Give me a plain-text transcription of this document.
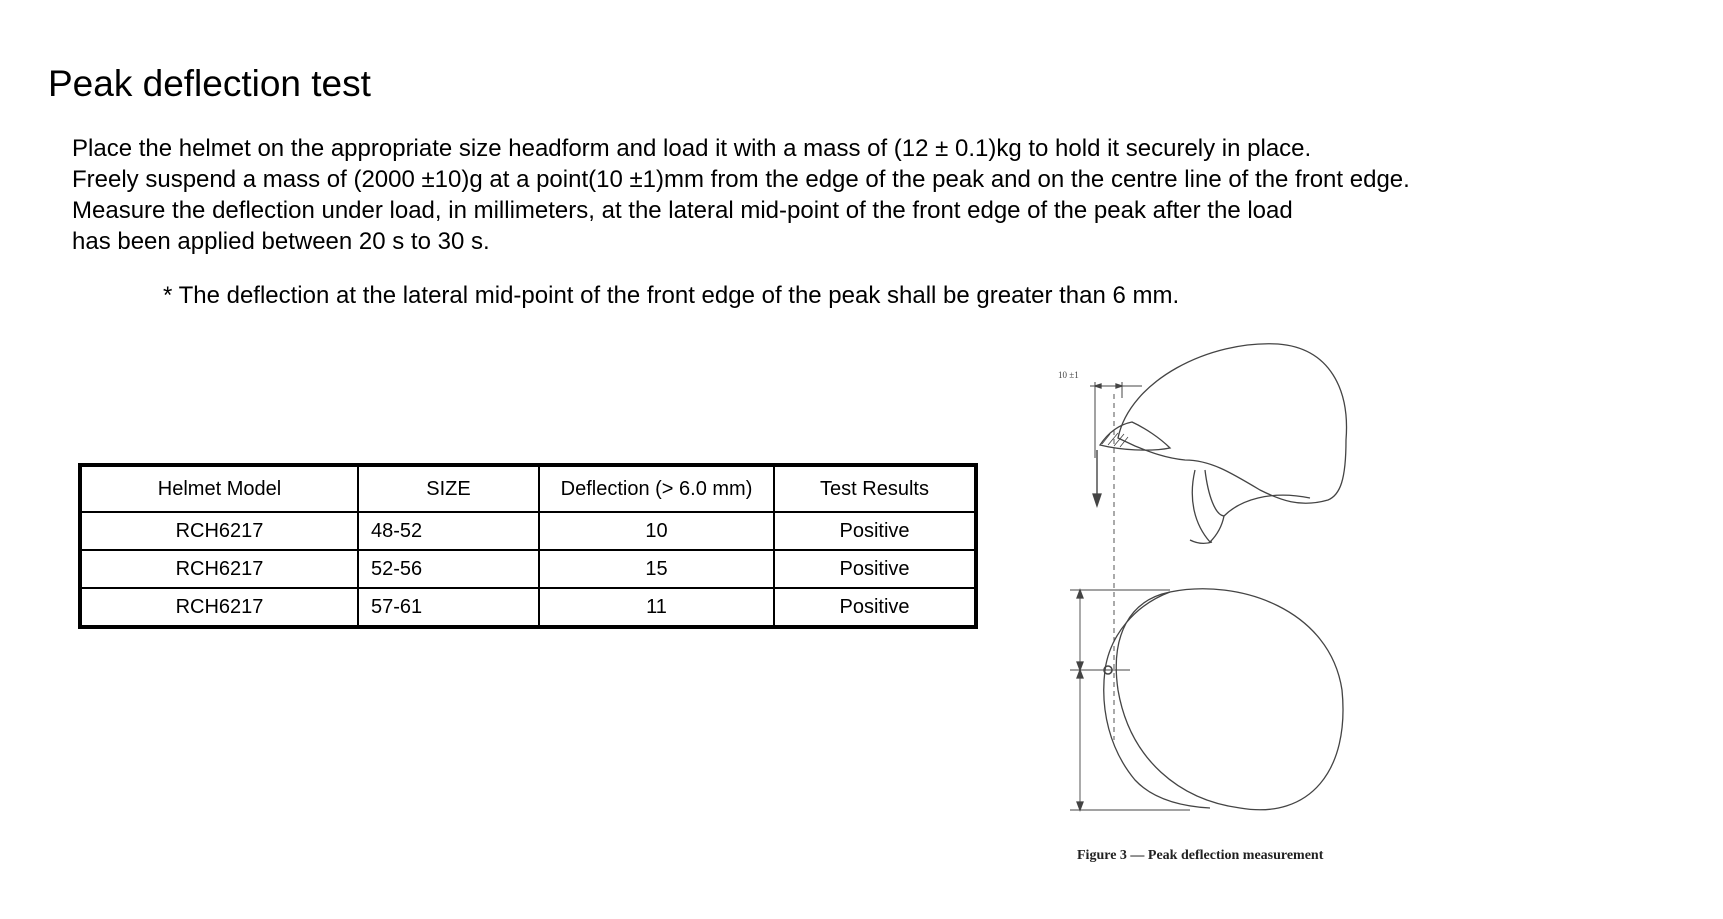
Peak deflection test
Place the helmet on the appropriate size headform and load it with a mass of (12 ± 0.1)kg to hold it securely in place.
Freely suspend a mass of (2000 ±10)g at a point(10 ±1)mm from the edge of the peak and on the centre line of the front edge.
Measure the deflection under load, in millimeters, at the lateral mid-point of the front edge of the peak after the load
has been applied between 20 s to 30 s.
* The deflection at the lateral mid-point of the front edge of the peak shall be greater than 6 mm.
Helmet Model	SIZE	Deflection (> 6.0 mm)	Test Results
RCH6217	48-52	10	Positive
RCH6217	52-56	15	Positive
RCH6217	57-61	11	Positive
10 ±1
Figure 3 — Peak deflection measurement
